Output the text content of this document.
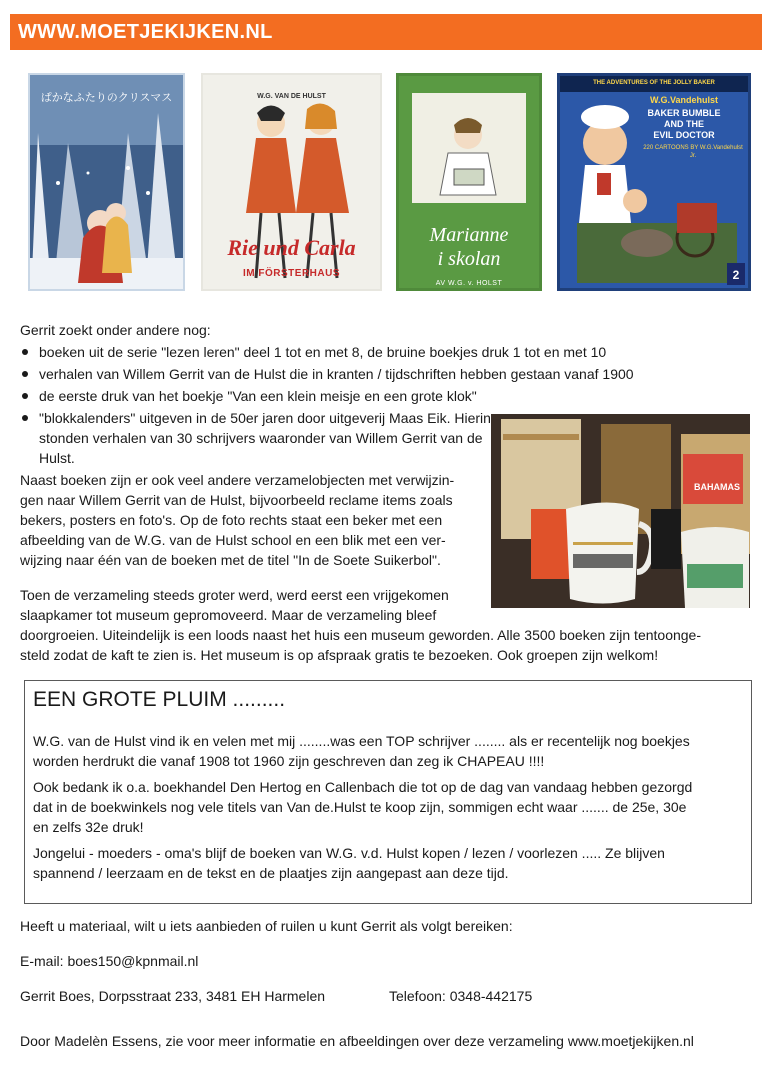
WWW.MOETJEKIJKEN.NL
ぱかなふたりのクリスマス	W.G. VAN DE HULST
Rie und Carla
IM FÖRSTERHAUS
Marianne
i skolan
AV W.G. v. HOLST
THE ADVENTURES OF THE JOLLY BAKER
W.G.Vandehulst
BAKER BUMBLE
AND THE
EVIL DOCTOR
220 CARTOONS BY W.G.Vandehulst Jr.
2
Gerrit zoekt onder andere nog:
boeken uit de serie "lezen leren" deel 1 tot en met 8, de bruine boekjes druk 1 tot en met 10
verhalen van Willem Gerrit van de Hulst die in kranten / tijdschriften hebben gestaan vanaf 1900
de eerste druk van het boekje "Van een klein meisje en een grote klok"
"blokkalenders" uitgeven in de 50er jaren door uitgeverij Maas Eik. Hierin stonden verhalen van 30 schrijvers waaronder van Willem Gerrit van de Hulst.
BAHAMAS
Naast boeken zijn er ook veel andere verzamelobjecten met verwijzin-
gen naar Willem Gerrit van de Hulst, bijvoorbeeld reclame items zoals
bekers, posters en foto's. Op de foto rechts staat een beker met een
afbeelding van de W.G. van de Hulst school en een blik met een ver-
wijzing naar één van de boeken met de titel "In de Soete Suikerbol".
Toen de verzameling steeds groter werd, werd eerst een vrijgekomen
slaapkamer tot museum gepromoveerd. Maar de verzameling bleef
doorgroeien. Uiteindelijk is een loods naast het huis een museum geworden. Alle 3500 boeken zijn tentoonge-
steld zodat de kaft te zien is. Het museum is op afspraak gratis te bezoeken. Ook groepen zijn welkom!
EEN GROTE PLUIM .........
W.G. van de Hulst vind ik en velen met mij ........was een TOP schrijver ........ als er recentelijk nog boekjes
worden herdrukt die vanaf 1908 tot 1960 zijn geschreven dan zeg ik CHAPEAU !!!!
Ook bedank ik o.a. boekhandel Den Hertog en Callenbach die tot op de dag van vandaag hebben gezorgd
dat in de boekwinkels nog vele titels van Van de.Hulst te koop zijn, sommigen echt waar ....... de 25e, 30e
en zelfs 32e druk!
Jongelui - moeders - oma's blijf de boeken van W.G. v.d. Hulst kopen / lezen / voorlezen ..... Ze blijven
spannend / leerzaam en de tekst en de plaatjes zijn aangepast aan deze tijd.
Heeft u materiaal, wilt u iets aanbieden of ruilen u kunt Gerrit als volgt bereiken:
E-mail: boes150@kpnmail.nl
Gerrit Boes, Dorpsstraat 233, 3481 EH Harmelen	Telefoon: 0348-442175
Door Madelèn Essens, zie voor meer informatie en afbeeldingen over deze verzameling www.moetjekijken.nl
